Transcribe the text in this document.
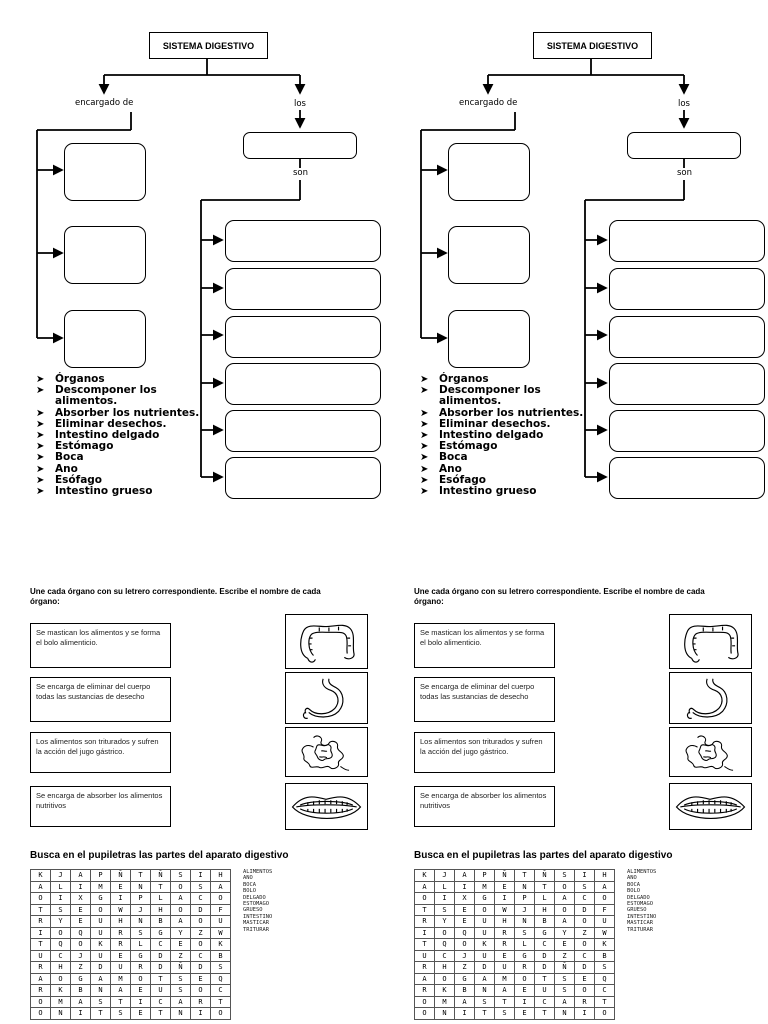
SISTEMA DIGESTIVO
encargado de	los
son
➤ Órganos
➤ Descomponer los alimentos.
➤ Absorber los nutrientes.
➤ Eliminar desechos.
➤ Intestino delgado
➤ Estómago
➤ Boca
➤ Ano
➤ Esófago
➤ Intestino grueso
Une cada órgano con su letrero correspondiente. Escribe el nombre de cada órgano:
Se mastican los alimentos y se forma el bolo alimenticio.
Se encarga de eliminar del cuerpo todas las sustancias de desecho
Los alimentos son triturados y sufren la acción del jugo gástrico.
Se encarga de absorber los alimentos nutritivos
Busca en el pupiletras las partes del aparato digestivo
K	J	A	P	Ñ	T	Ñ	S	I	H
A	L	I	M	E	N	T	O	S	A
O	I	X	G	I	P	L	A	C	O
T	S	E	O	W	J	H	O	D	F
R	Y	E	U	H	N	B	A	O	U
I	O	Q	U	R	S	G	Y	Z	W
T	Q	O	K	R	L	C	E	O	K
U	C	J	U	E	G	D	Z	C	B
R	H	Z	D	U	R	D	Ñ	D	S
A	O	G	A	M	O	T	S	E	Q
R	K	B	N	A	E	U	S	O	C
O	M	A	S	T	I	C	A	R	T
O	N	I	T	S	E	T	N	I	O
ALIMENTOS
ANO
BOCA
BOLO
DELGADO
ESTOMAGO
GRUESO
INTESTINO
MASTICAR
TRITURAR
SISTEMA DIGESTIVO
encargado de	los
son
➤ Órganos
➤ Descomponer los alimentos.
➤ Absorber los nutrientes.
➤ Eliminar desechos.
➤ Intestino delgado
➤ Estómago
➤ Boca
➤ Ano
➤ Esófago
➤ Intestino grueso
Une cada órgano con su letrero correspondiente. Escribe el nombre de cada órgano:
Se mastican los alimentos y se forma el bolo alimenticio.
Se encarga de eliminar del cuerpo todas las sustancias de desecho
Los alimentos son triturados y sufren la acción del jugo gástrico.
Se encarga de absorber los alimentos nutritivos
Busca en el pupiletras las partes del aparato digestivo
K	J	A	P	Ñ	T	Ñ	S	I	H
A	L	I	M	E	N	T	O	S	A
O	I	X	G	I	P	L	A	C	O
T	S	E	O	W	J	H	O	D	F
R	Y	E	U	H	N	B	A	O	U
I	O	Q	U	R	S	G	Y	Z	W
T	Q	O	K	R	L	C	E	O	K
U	C	J	U	E	G	D	Z	C	B
R	H	Z	D	U	R	D	Ñ	D	S
A	O	G	A	M	O	T	S	E	Q
R	K	B	N	A	E	U	S	O	C
O	M	A	S	T	I	C	A	R	T
O	N	I	T	S	E	T	N	I	O
ALIMENTOS
ANO
BOCA
BOLO
DELGADO
ESTOMAGO
GRUESO
INTESTINO
MASTICAR
TRITURAR
